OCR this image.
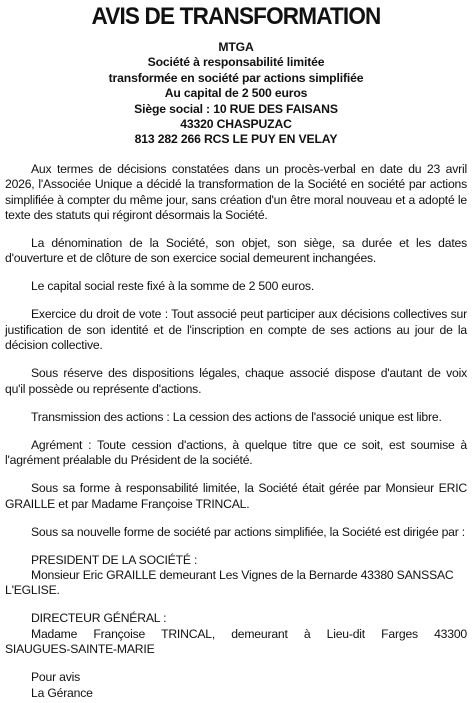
AVIS DE TRANSFORMATION
MTGA
Société à responsabilité limitée
transformée en société par actions simplifiée
Au capital de 2 500 euros
Siège social : 10 RUE DES FAISANS
43320 CHASPUZAC
813 282 266 RCS LE PUY EN VELAY

Aux termes de décisions constatées dans un procès-verbal en date du 23 avril 2026, l'Associée Unique a décidé la transformation de la Société en société par actions simplifiée à compter du même jour, sans création d'un être moral nouveau et a adopté le texte des statuts qui régiront désormais la Société.

La dénomination de la Société, son objet, son siège, sa durée et les dates d'ouverture et de clôture de son exercice social demeurent inchangées.

Le capital social reste fixé à la somme de 2 500 euros.

Exercice du droit de vote : Tout associé peut participer aux décisions collectives sur justification de son identité et de l'inscription en compte de ses actions au jour de la décision collective.

Sous réserve des dispositions légales, chaque associé dispose d'autant de voix qu'il possède ou représente d'actions.

Transmission des actions : La cession des actions de l'associé unique est libre.

Agrément : Toute cession d'actions, à quelque titre que ce soit, est soumise à l'agrément préalable du Président de la société.

Sous sa forme à responsabilité limitée, la Société était gérée par Monsieur ERIC GRAILLE et par Madame Françoise TRINCAL.

Sous sa nouvelle forme de société par actions simplifiée, la Société est dirigée par :

PRESIDENT DE LA SOCIÉTÉ :
Monsieur Eric GRAILLE demeurant Les Vignes de la Bernarde 43380 SANSSAC
L'EGLISE.
DIRECTEUR GÉNÉRAL :
Madame Françoise TRINCAL, demeurant à Lieu-dit Farges 43300
SIAUGUES-SAINTE-MARIE
Pour avis
La Gérance
